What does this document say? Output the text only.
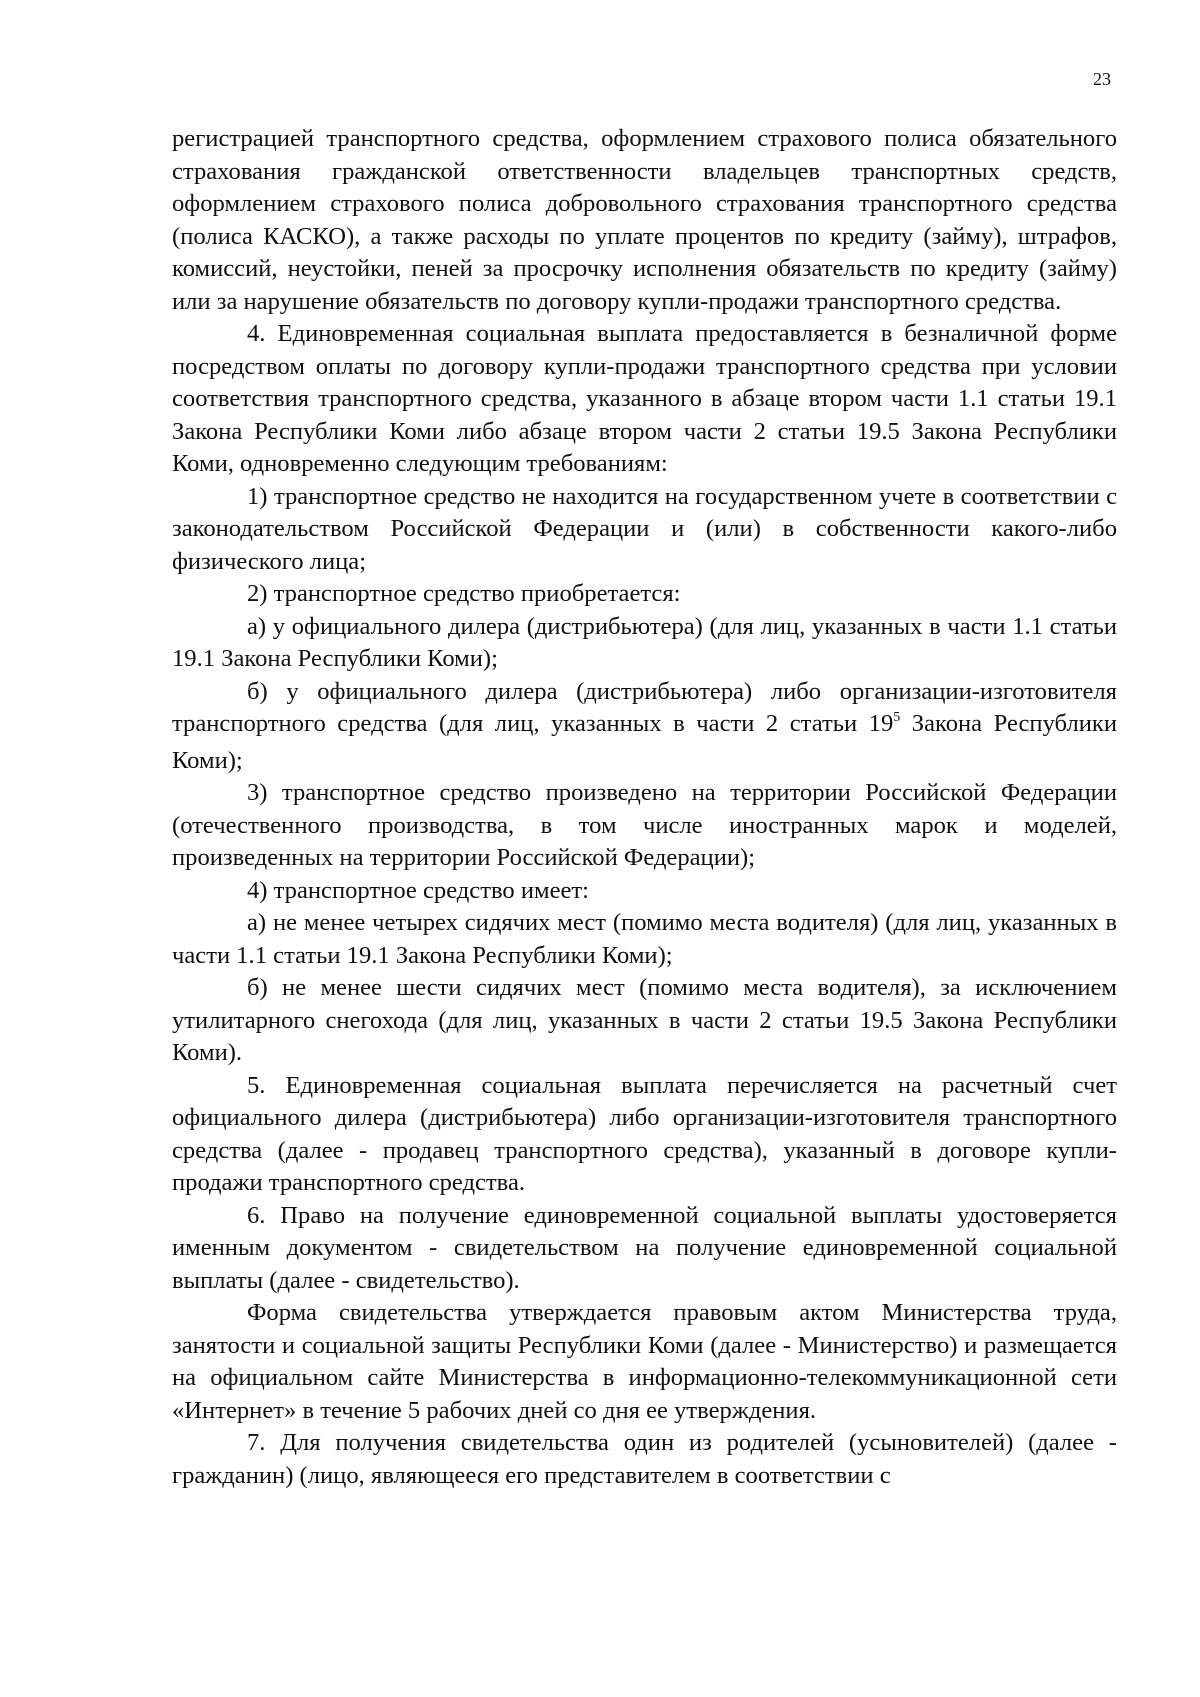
23

регистрацией транспортного средства, оформлением страхового полиса обязательного страхования гражданской ответственности владельцев транспортных средств, оформлением страхового полиса добровольного страхования транспортного средства (полиса КАСКО), а также расходы по уплате процентов по кредиту (займу), штрафов, комиссий, неустойки, пеней за просрочку исполнения обязательств по кредиту (займу) или за нарушение обязательств по договору купли-продажи транспортного средства.

4. Единовременная социальная выплата предоставляется в безналичной форме посредством оплаты по договору купли-продажи транспортного средства при условии соответствия транспортного средства, указанного в абзаце втором части 1.1 статьи 19.1 Закона Республики Коми либо абзаце втором части 2 статьи 19.5 Закона Республики Коми, одновременно следующим требованиям:

1) транспортное средство не находится на государственном учете в соответствии с законодательством Российской Федерации и (или) в собственности какого-либо физического лица;

2) транспортное средство приобретается:

а) у официального дилера (дистрибьютера) (для лиц, указанных в части 1.1 статьи 19.1 Закона Республики Коми);

б) у официального дилера (дистрибьютера) либо организации-изготовителя транспортного средства (для лиц, указанных в части 2 статьи $19^5$ Закона Республики Коми);

3) транспортное средство произведено на территории Российской Федерации (отечественного производства, в том числе иностранных марок и моделей, произведенных на территории Российской Федерации);

4) транспортное средство имеет:

а) не менее четырех сидячих мест (помимо места водителя) (для лиц, указанных в части 1.1 статьи 19.1 Закона Республики Коми);

б) не менее шести сидячих мест (помимо места водителя), за исключением утилитарного снегохода (для лиц, указанных в части 2 статьи 19.5 Закона Республики Коми).

5. Единовременная социальная выплата перечисляется на расчетный счет официального дилера (дистрибьютера) либо организации-изготовителя транспортного средства (далее - продавец транспортного средства), указанный в договоре купли-продажи транспортного средства.

6. Право на получение единовременной социальной выплаты удостоверяется именным документом - свидетельством на получение единовременной социальной выплаты (далее - свидетельство).

Форма свидетельства утверждается правовым актом Министерства труда, занятости и социальной защиты Республики Коми (далее - Министерство) и размещается на официальном сайте Министерства в информационно-телекоммуникационной сети «Интернет» в течение 5 рабочих дней со дня ее утверждения.

7. Для получения свидетельства один из родителей (усыновителей) (далее - гражданин) (лицо, являющееся его представителем в соответствии с
